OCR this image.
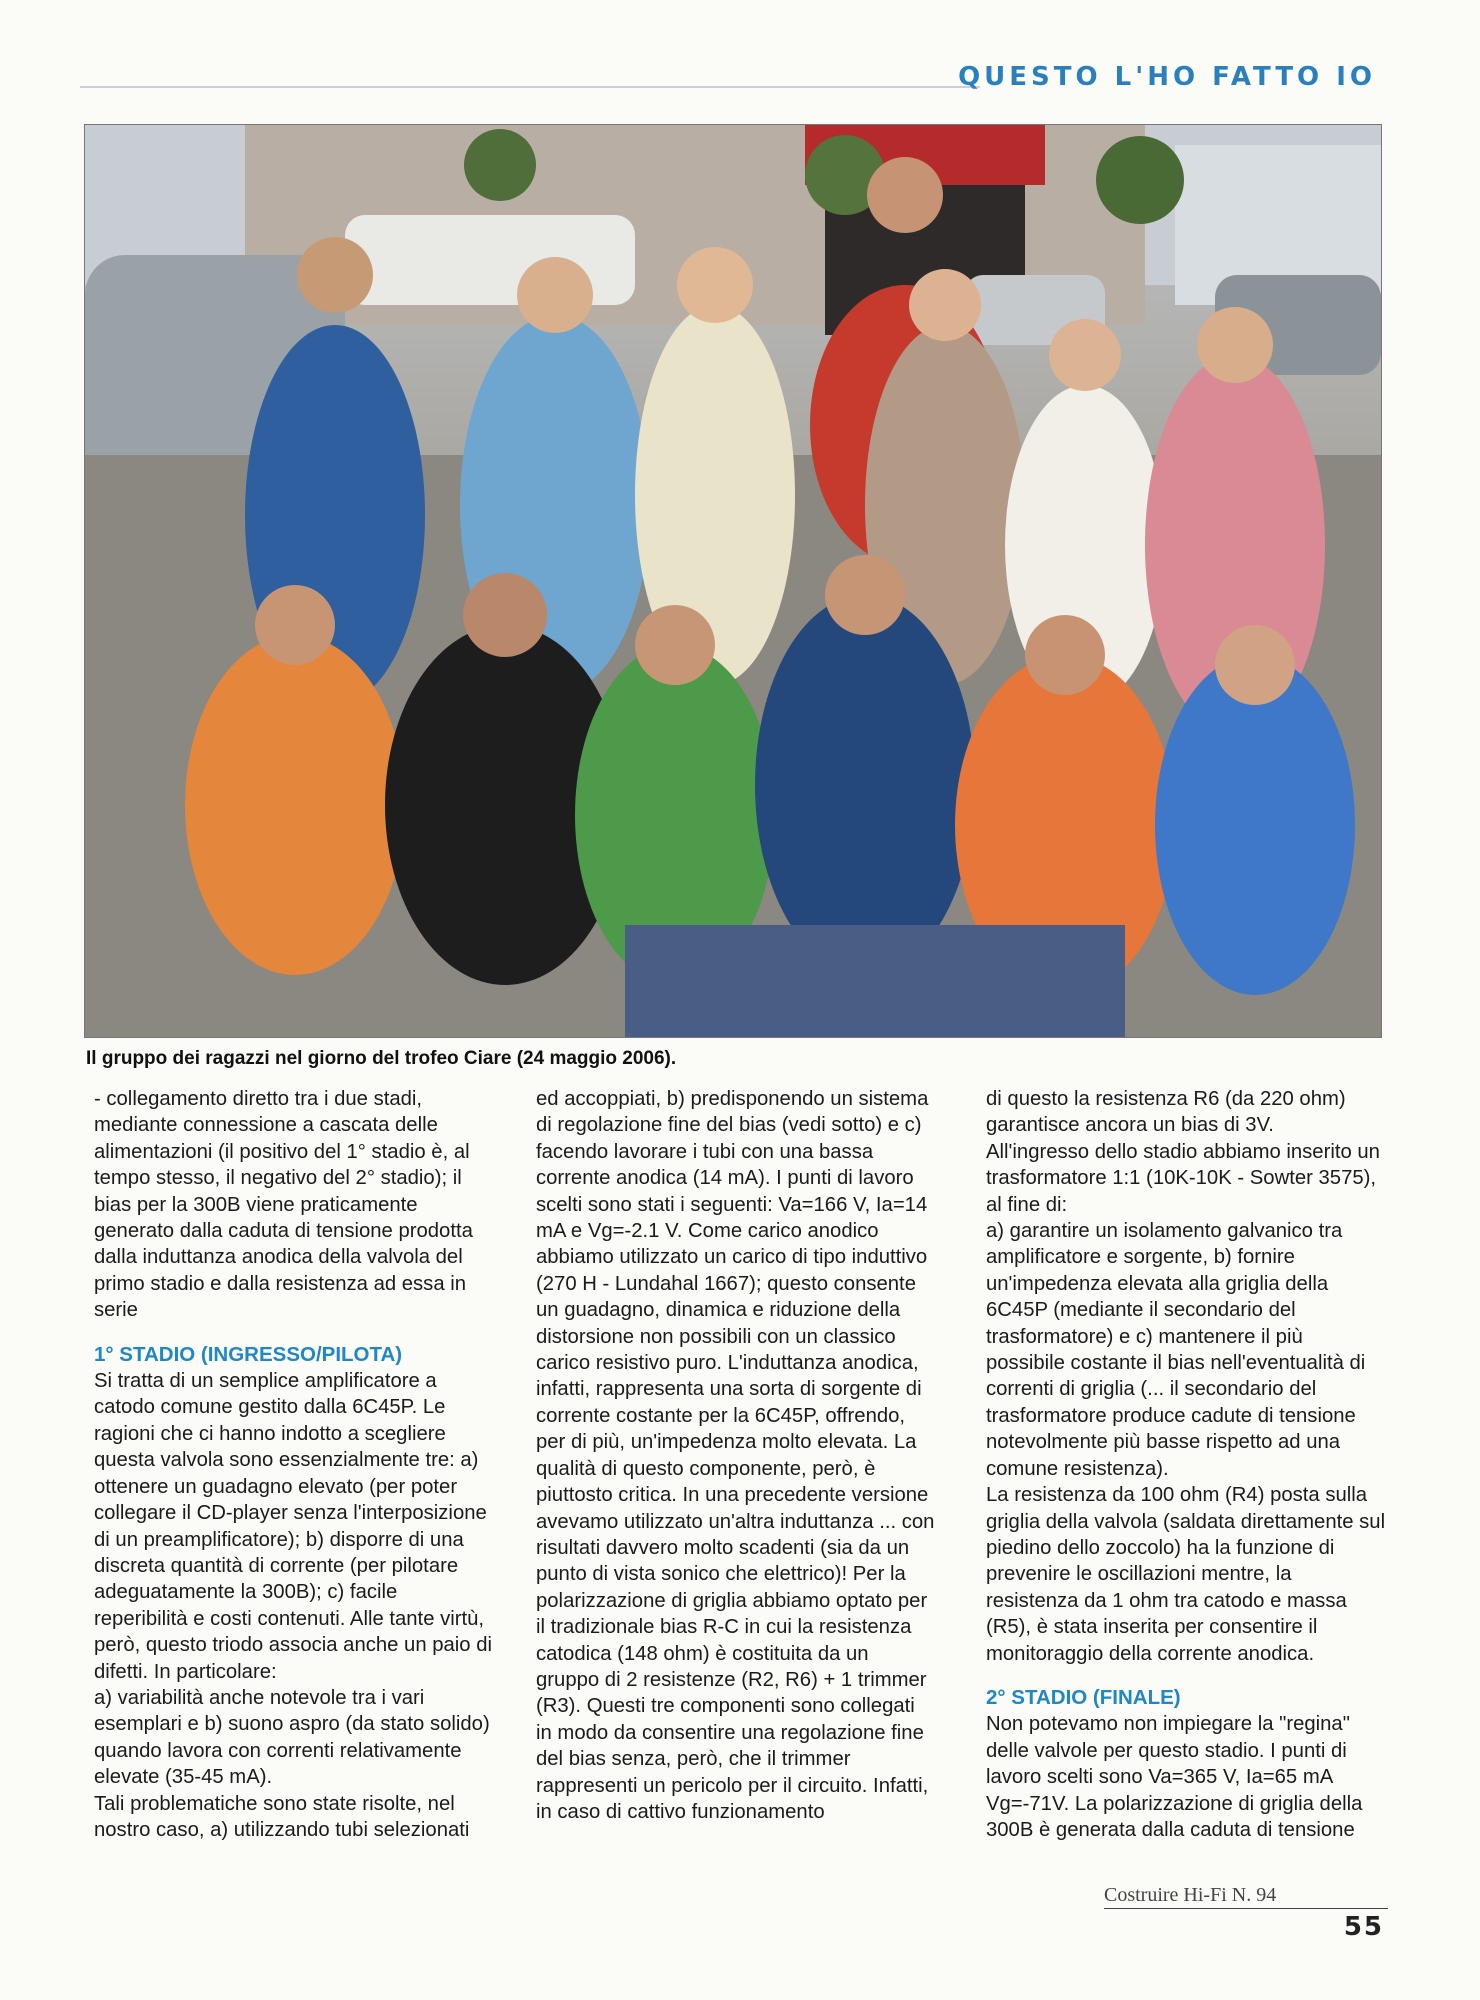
QUESTO L'HO FATTO IO
Il gruppo dei ragazzi nel giorno del trofeo Ciare (24 maggio 2006).

- collegamento diretto tra i due stadi, mediante connessione a cascata delle alimentazioni (il positivo del 1° stadio è, al tempo stesso, il negativo del 2° stadio); il bias per la 300B viene praticamente generato dalla caduta di tensione prodotta dalla induttanza anodica della valvola del primo stadio e dalla resistenza ad essa in serie

1° STADIO (INGRESSO/PILOTA)

Si tratta di un semplice amplificatore a catodo comune gestito dalla 6C45P. Le ragioni che ci hanno indotto a scegliere questa valvola sono essenzialmente tre: a) ottenere un guadagno elevato (per poter collegare il CD-player senza l'interposizione di un preamplificatore); b) disporre di una discreta quantità di corrente (per pilotare adeguatamente la 300B); c) facile reperibilità e costi contenuti. Alle tante virtù, però, questo triodo associa anche un paio di difetti. In particolare:

a) variabilità anche notevole tra i vari esemplari e b) suono aspro (da stato solido) quando lavora con correnti relativamente elevate (35-45 mA).

Tali problematiche sono state risolte, nel nostro caso, a) utilizzando tubi selezionati

ed accoppiati, b) predisponendo un sistema di regolazione fine del bias (vedi sotto) e c) facendo lavorare i tubi con una bassa corrente anodica (14 mA). I punti di lavoro scelti sono stati i seguenti: Va=166 V, Ia=14 mA e Vg=-2.1 V. Come carico anodico abbiamo utilizzato un carico di tipo induttivo (270 H - Lundahal 1667); questo consente un guadagno, dinamica e riduzione della distorsione non possibili con un classico carico resistivo puro. L'induttanza anodica, infatti, rappresenta una sorta di sorgente di corrente costante per la 6C45P, offrendo, per di più, un'impedenza molto elevata. La qualità di questo componente, però, è piuttosto critica. In una precedente versione avevamo utilizzato un'altra induttanza ... con risultati davvero molto scadenti (sia da un punto di vista sonico che elettrico)! Per la polarizzazione di griglia abbiamo optato per il tradizionale bias R-C in cui la resistenza catodica (148 ohm) è costituita da un gruppo di 2 resistenze (R2, R6) + 1 trimmer (R3). Questi tre componenti sono collegati in modo da consentire una regolazione fine del bias senza, però, che il trimmer rappresenti un pericolo per il circuito. Infatti, in caso di cattivo funzionamento

di questo la resistenza R6 (da 220 ohm) garantisce ancora un bias di 3V.

All'ingresso dello stadio abbiamo inserito un trasformatore 1:1 (10K-10K - Sowter 3575), al fine di:

a) garantire un isolamento galvanico tra amplificatore e sorgente, b) fornire un'impedenza elevata alla griglia della 6C45P (mediante il secondario del trasformatore) e c) mantenere il più possibile costante il bias nell'eventualità di correnti di griglia (... il secondario del trasformatore produce cadute di tensione notevolmente più basse rispetto ad una comune resistenza).

La resistenza da 100 ohm (R4) posta sulla griglia della valvola (saldata direttamente sul piedino dello zoccolo) ha la funzione di prevenire le oscillazioni mentre, la resistenza da 1 ohm tra catodo e massa (R5), è stata inserita per consentire il monitoraggio della corrente anodica.

2° STADIO (FINALE)

Non potevamo non impiegare la "regina" delle valvole per questo stadio. I punti di lavoro scelti sono Va=365 V, Ia=65 mA Vg=-71V. La polarizzazione di griglia della 300B è generata dalla caduta di tensione

Costruire Hi-Fi N. 94
55
